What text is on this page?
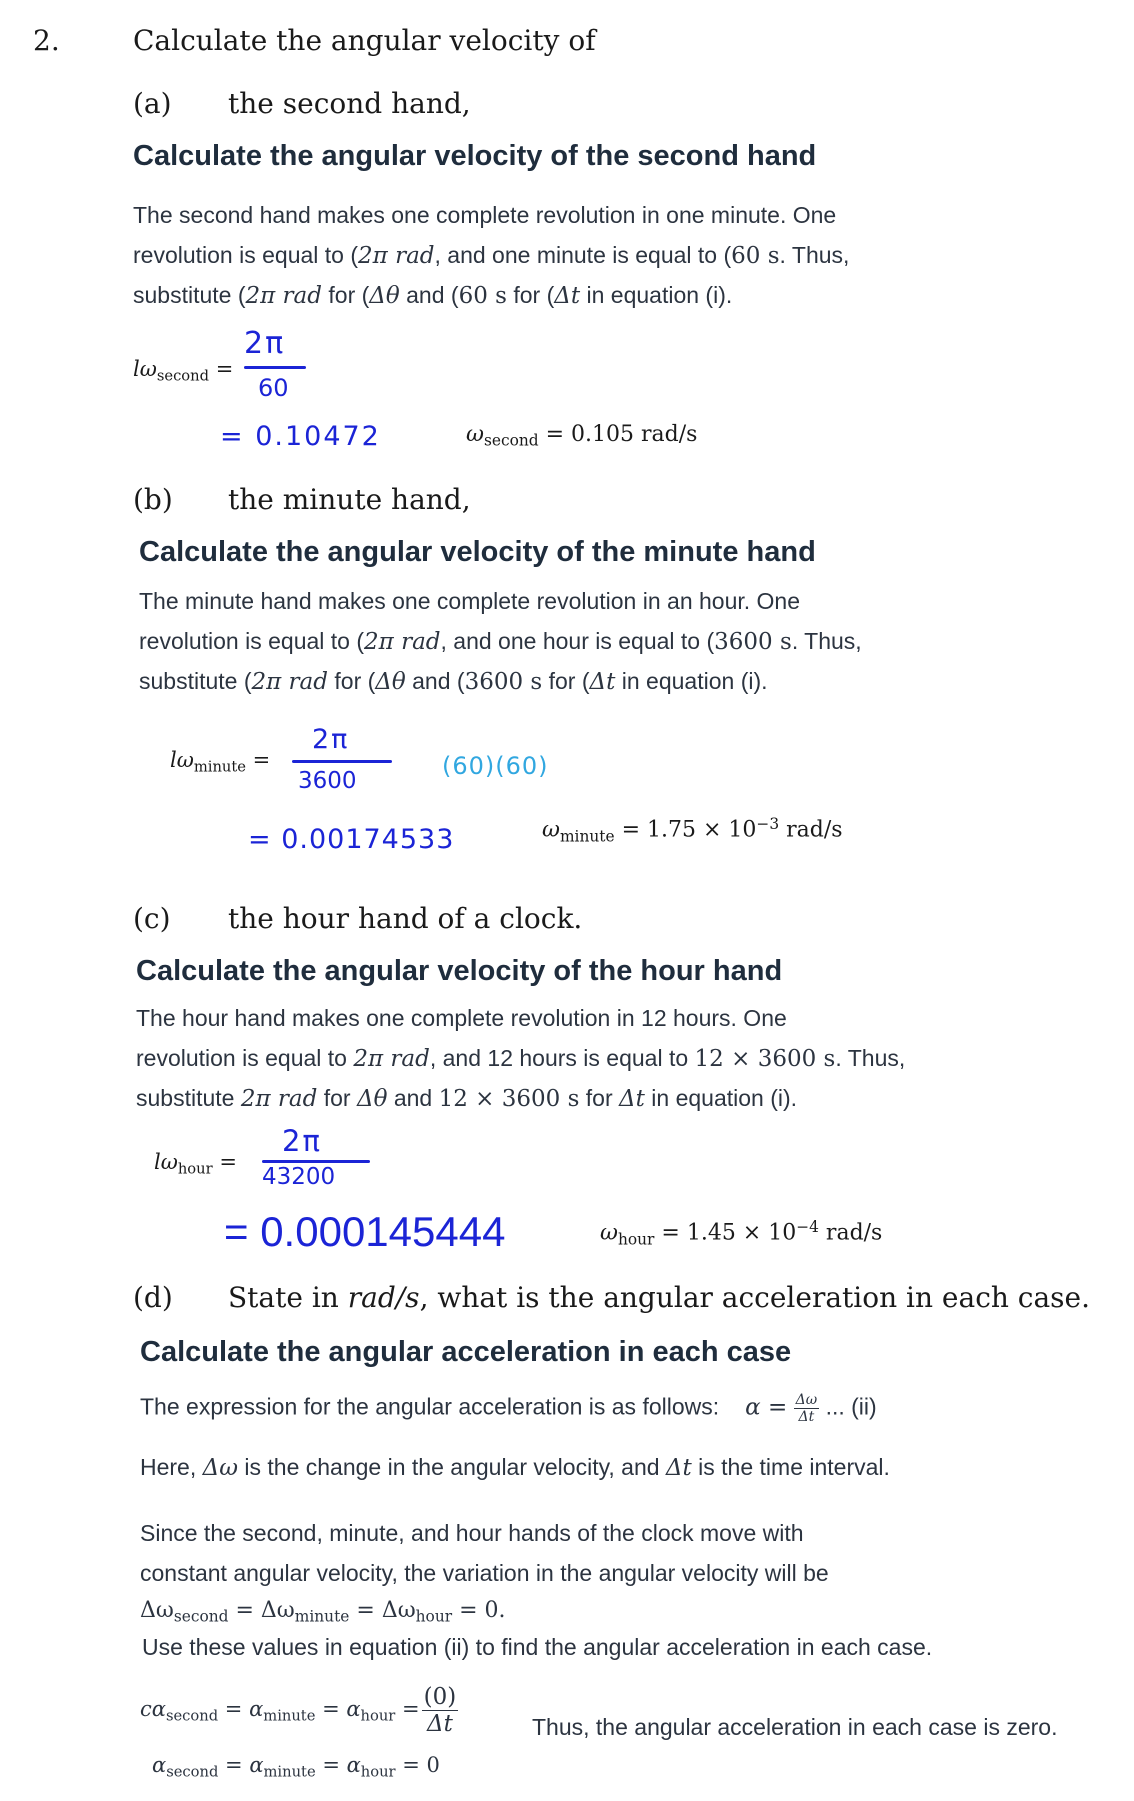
2.	Calculate the angular velocity of
(a) the second hand,
Calculate the angular velocity of the second hand
The second hand makes one complete revolution in one minute. One
revolution is equal to (2π rad, and one minute is equal to (60 s. Thus,
substitute (2π rad for (Δθ and (60 s for (Δt in equation (i).
$l\omega_{second}$ =
2π
60
= 0.10472	$\omega_{second} = 0.105$ rad/s
(b) the minute hand,
Calculate the angular velocity of the minute hand
The minute hand makes one complete revolution in an hour. One
revolution is equal to (2π rad, and one hour is equal to (3600 s. Thus,
substitute (2π rad for (Δθ and (3600 s for (Δt in equation (i).
$l\omega_{minute}$ =
2π
3600
(60)(60)
= 0.00174533	$\omega_{minute} = 1.75 \times 10^{-3}$ rad/s
(c) the hour hand of a clock.
Calculate the angular velocity of the hour hand
The hour hand makes one complete revolution in 12 hours. One
revolution is equal to 2π rad, and 12 hours is equal to 12 × 3600 s. Thus,
substitute 2π rad for Δθ and 12 × 3600 s for Δt in equation (i).
$l\omega_{hour}$ =
2π
43200
= 0.000145444	$\omega_{hour} = 1.45 \times 10^{-4}$ rad/s
(d) State in rad/s, what is the angular acceleration in each case.
Calculate the angular acceleration in each case
The expression for the angular acceleration is as follows: $\alpha = \frac{\Delta\omega}{\Delta t}$ ... (ii)
Here, Δω is the change in the angular velocity, and Δt is the time interval.
Since the second, minute, and hour hands of the clock move with
constant angular velocity, the variation in the angular velocity will be
$\Delta\omega_{second} = \Delta\omega_{minute} = \Delta\omega_{hour} = 0$.
Use these values in equation (ii) to find the angular acceleration in each case.
$c\alpha_{second} = \alpha_{minute} = \alpha_{hour} = \frac{(0)}{\Delta t}$	Thus, the angular acceleration in each case is zero.
$\alpha_{second} = \alpha_{minute} = \alpha_{hour} = 0$
